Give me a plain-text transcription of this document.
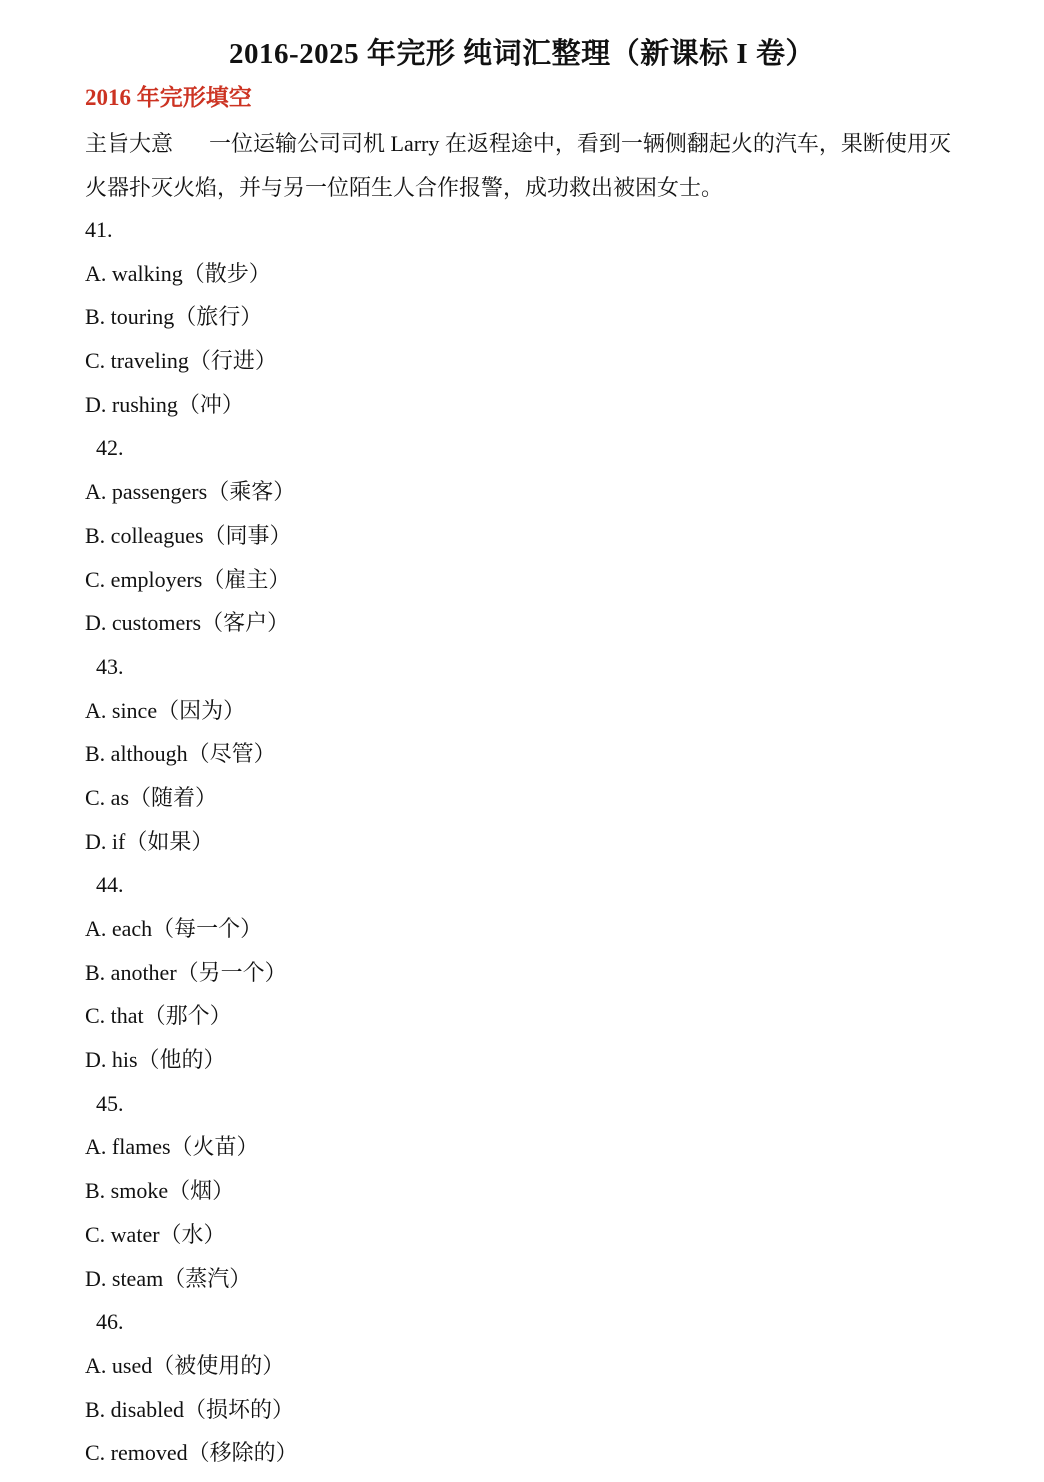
2016-2025 年完形 纯词汇整理（新课标 I 卷）
2016 年完形填空

主旨大意 一位运输公司司机 Larry 在返程途中，看到一辆侧翻起火的汽车，果断使用灭火器扑灭火焰，并与另一位陌生人合作报警，成功救出被困女士。

41.
A. walking（散步）
B. touring（旅行）
C. traveling（行进）
D. rushing（冲）
42.
A. passengers（乘客）
B. colleagues（同事）
C. employers（雇主）
D. customers（客户）
43.
A. since（因为）
B. although（尽管）
C. as（随着）
D. if（如果）
44.
A. each（每一个）
B. another（另一个）
C. that（那个）
D. his（他的）
45.
A. flames（火苗）
B. smoke（烟）
C. water（水）
D. steam（蒸汽）
46.
A. used（被使用的）
B. disabled（损坏的）
C. removed（移除的）
